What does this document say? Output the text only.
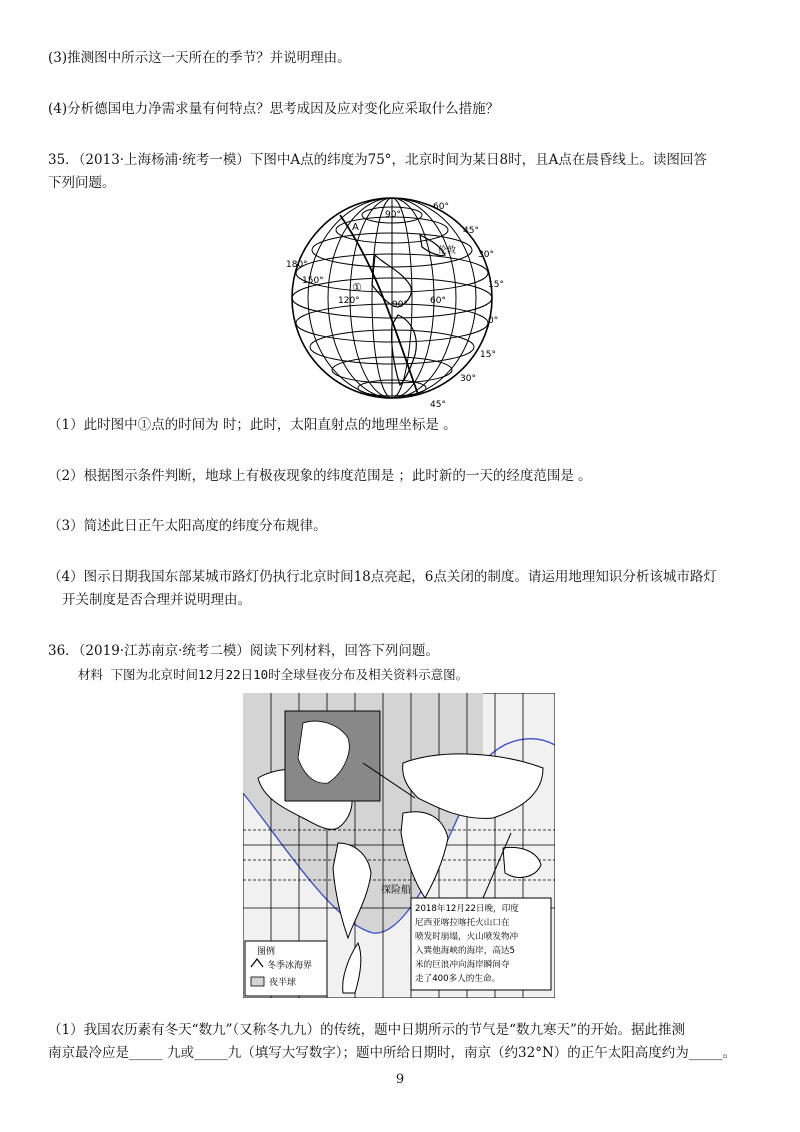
(3)推测图中所示这一天所在的季节？并说明理由。
(4)分析德国电力净需求量有何特点？思考成因及应对变化应采取什么措施？
35．（2013·上海杨浦·统考一模）下图中A点的纬度为75°，北京时间为某日8时，且A点在晨昏线上。读图回答
下列问题。
90°
60°
45°
30°
15°
0°
15°
30°
45°
180°
150°
120°	90° 60°
A
①
伦敦
（1）此时图中①点的时间为 时；此时，太阳直射点的地理坐标是 。
（2）根据图示条件判断，地球上有极夜现象的纬度范围是 ；此时新的一天的经度范围是 。
（3）简述此日正午太阳高度的纬度分布规律。
（4）图示日期我国东部某城市路灯仍执行北京时间18点亮起，6点关闭的制度。请运用地理知识分析该城市路灯
开关制度是否合理并说明理由。
36．（2019·江苏南京·统考二模）阅读下列材料，回答下列问题。
材料 下图为北京时间12月22日10时全球昼夜分布及相关资料示意图。
探险船
2018年12月22日晚，印度
尼西亚喀拉喀托火山口在
喷发时崩塌，火山喷发物冲
入巽他海峡的海岸，高达5
米的巨浪冲向海岸瞬间夺
走了400多人的生命。
图例
冬季冰海界
夜半球
（1）我国农历素有冬天“数九”（又称冬九九）的传统，题中日期所示的节气是“数九寒天”的开始。据此推测
南京最冷应是_____ 九或_____九（填写大写数字）；题中所给日期时，南京（约32°N）的正午太阳高度约为_____。
9
